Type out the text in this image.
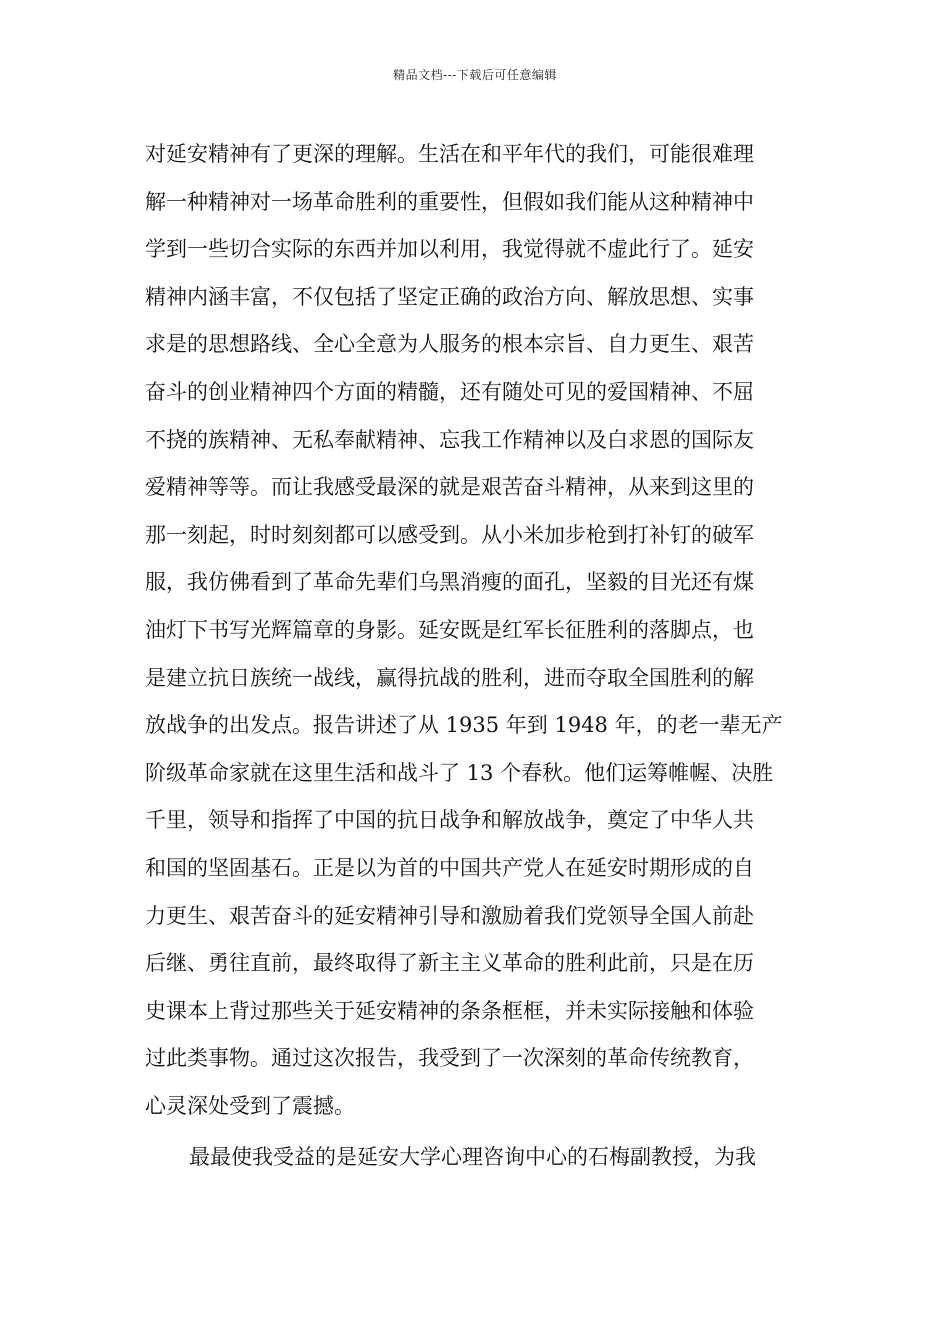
精品文档---下载后可任意编辑
对延安精神有了更深的理解。生活在和平年代的我们，可能很难理
解一种精神对一场革命胜利的重要性，但假如我们能从这种精神中
学到一些切合实际的东西并加以利用，我觉得就不虚此行了。延安
精神内涵丰富，不仅包括了坚定正确的政治方向、解放思想、实事
求是的思想路线、全心全意为人服务的根本宗旨、自力更生、艰苦
奋斗的创业精神四个方面的精髓，还有随处可见的爱国精神、不屈
不挠的族精神、无私奉献精神、忘我工作精神以及白求恩的国际友
爱精神等等。而让我感受最深的就是艰苦奋斗精神，从来到这里的
那一刻起，时时刻刻都可以感受到。从小米加步枪到打补钉的破军
服，我仿佛看到了革命先辈们乌黑消瘦的面孔，坚毅的目光还有煤
油灯下书写光辉篇章的身影。延安既是红军长征胜利的落脚点，也
是建立抗日族统一战线，赢得抗战的胜利，进而夺取全国胜利的解
放战争的出发点。报告讲述了从 1935 年到 1948 年，的老一辈无产
阶级革命家就在这里生活和战斗了 13 个春秋。他们运筹帷幄、决胜
千里，领导和指挥了中国的抗日战争和解放战争，奠定了中华人共
和国的坚固基石。正是以为首的中国共产党人在延安时期形成的自
力更生、艰苦奋斗的延安精神引导和激励着我们党领导全国人前赴
后继、勇往直前，最终取得了新主主义革命的胜利此前，只是在历
史课本上背过那些关于延安精神的条条框框，并未实际接触和体验
过此类事物。通过这次报告，我受到了一次深刻的革命传统教育，
心灵深处受到了震撼。
最最使我受益的是延安大学心理咨询中心的石梅副教授，为我
